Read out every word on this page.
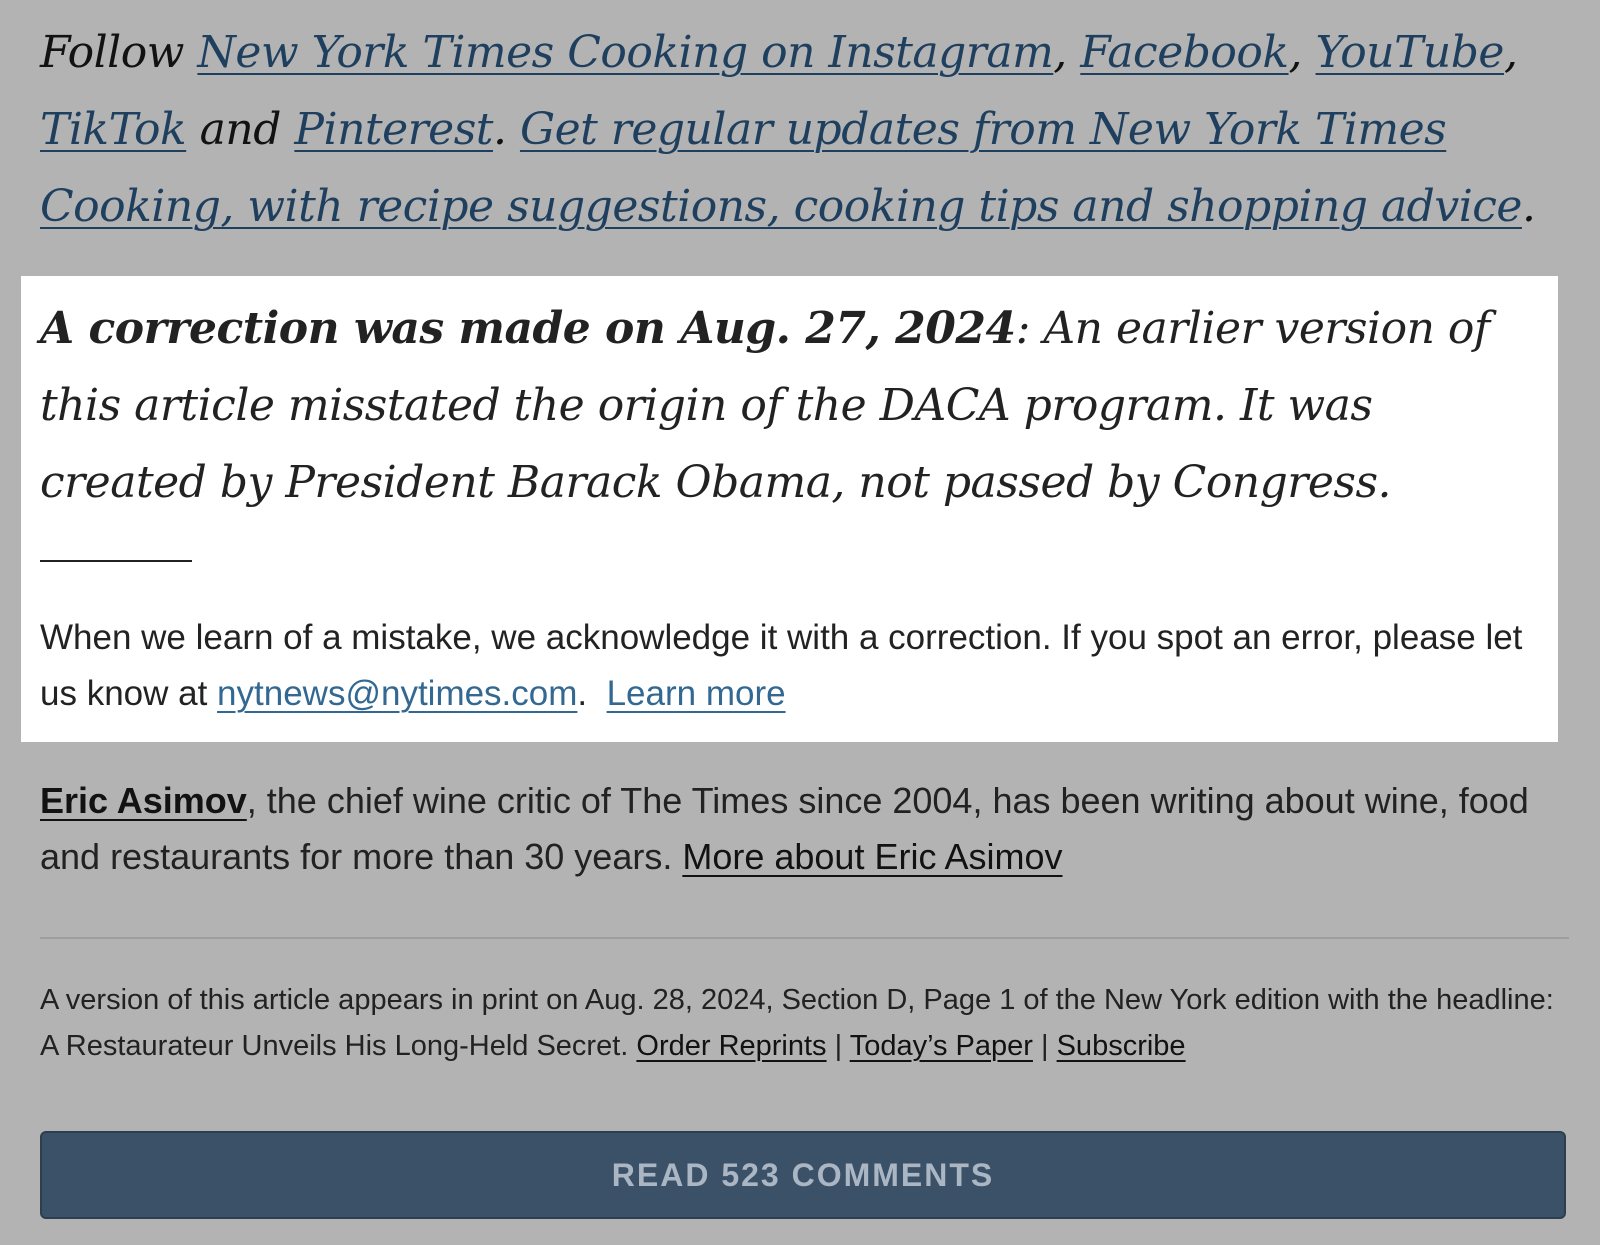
Follow New York Times Cooking on Instagram, Facebook, YouTube, TikTok and Pinterest. Get regular updates from New York Times Cooking, with recipe suggestions, cooking tips and shopping advice.
A correction was made on Aug. 27, 2024: An earlier version of this article misstated the origin of the DACA program. It was created by President Barack Obama, not passed by Congress.
When we learn of a mistake, we acknowledge it with a correction. If you spot an error, please let us know at nytnews@nytimes.com.  Learn more
Eric Asimov, the chief wine critic of The Times since 2004, has been writing about wine, food and restaurants for more than 30 years. More about Eric Asimov
A version of this article appears in print on Aug. 28, 2024, Section D, Page 1 of the New York edition with the headline: A Restaurateur Unveils His Long-Held Secret. Order Reprints | Today’s Paper | Subscribe
READ 523 COMMENTS
